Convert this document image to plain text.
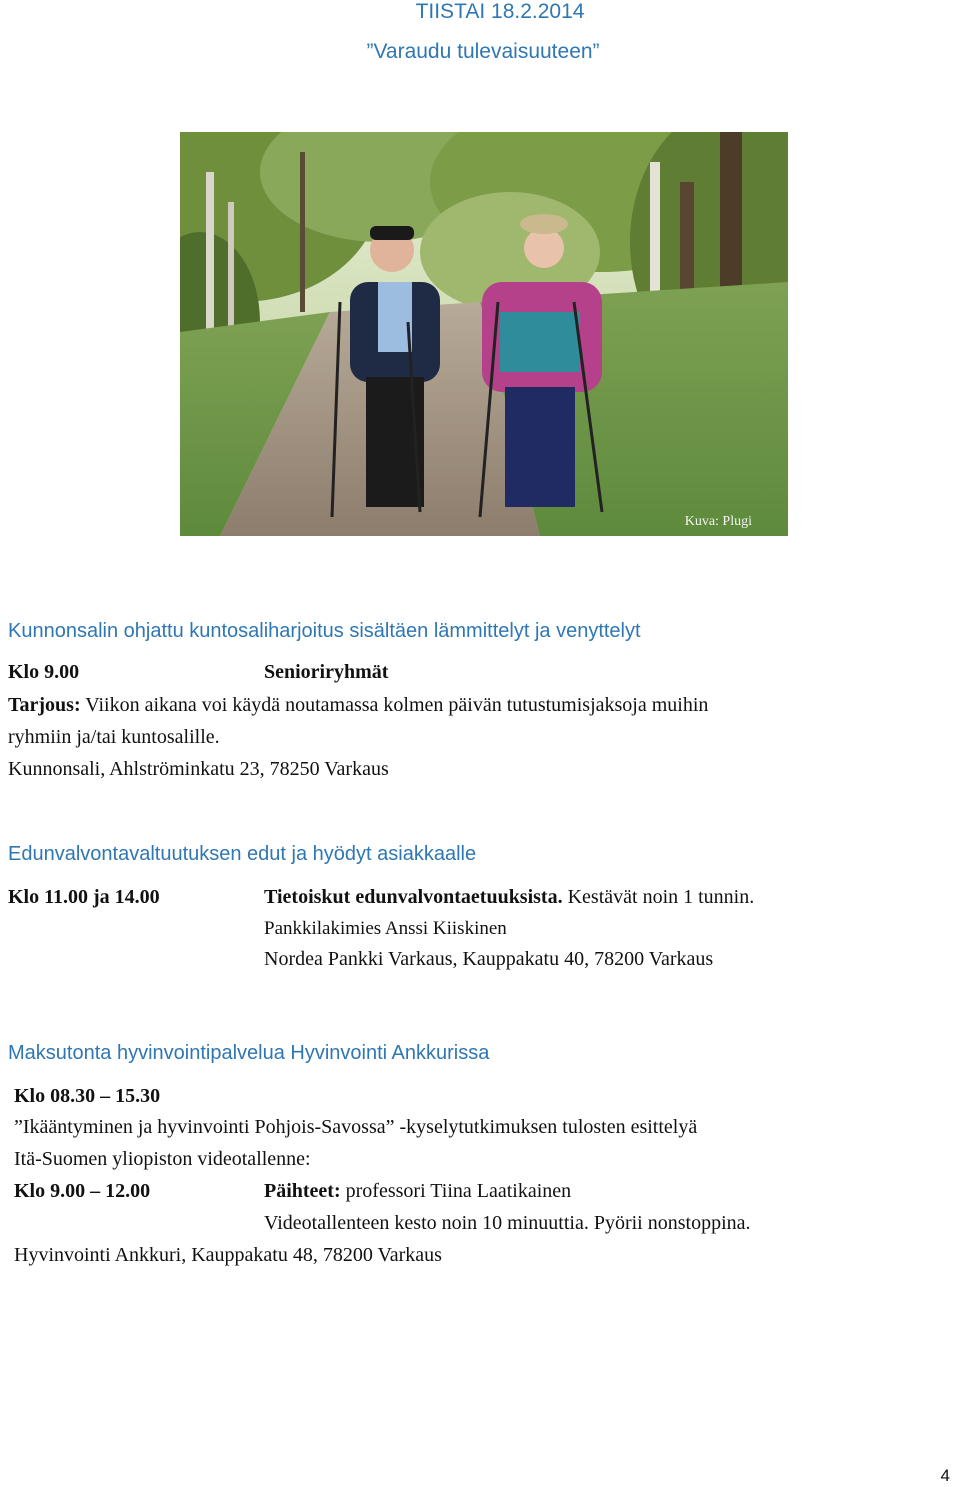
TIISTAI 18.2.2014
”Varaudu tulevaisuuteen”
Kuva: Plugi
Kunnonsalin ohjattu kuntosaliharjoitus sisältäen lämmittelyt ja venyttelyt
Klo 9.00	Senioriryhmät
Tarjous: Viikon aikana voi käydä noutamassa kolmen päivän tutustumisjaksoja muihin
ryhmiin ja/tai kuntosalille.
Kunnonsali, Ahlströminkatu 23, 78250 Varkaus
Edunvalvontavaltuutuksen edut ja hyödyt asiakkaalle
Klo 11.00 ja 14.00	Tietoiskut edunvalvontaetuuksista. Kestävät noin 1 tunnin.
Pankkilakimies Anssi Kiiskinen
Nordea Pankki Varkaus, Kauppakatu 40, 78200 Varkaus
Maksutonta hyvinvointipalvelua Hyvinvointi Ankkurissa
Klo 08.30 – 15.30
”Ikääntyminen ja hyvinvointi Pohjois-Savossa” -kyselytutkimuksen tulosten esittelyä
Itä-Suomen yliopiston videotallenne:
Klo 9.00 – 12.00	Päihteet: professori Tiina Laatikainen
Videotallenteen kesto noin 10 minuuttia. Pyörii nonstoppina.
Hyvinvointi Ankkuri, Kauppakatu 48, 78200 Varkaus
4
